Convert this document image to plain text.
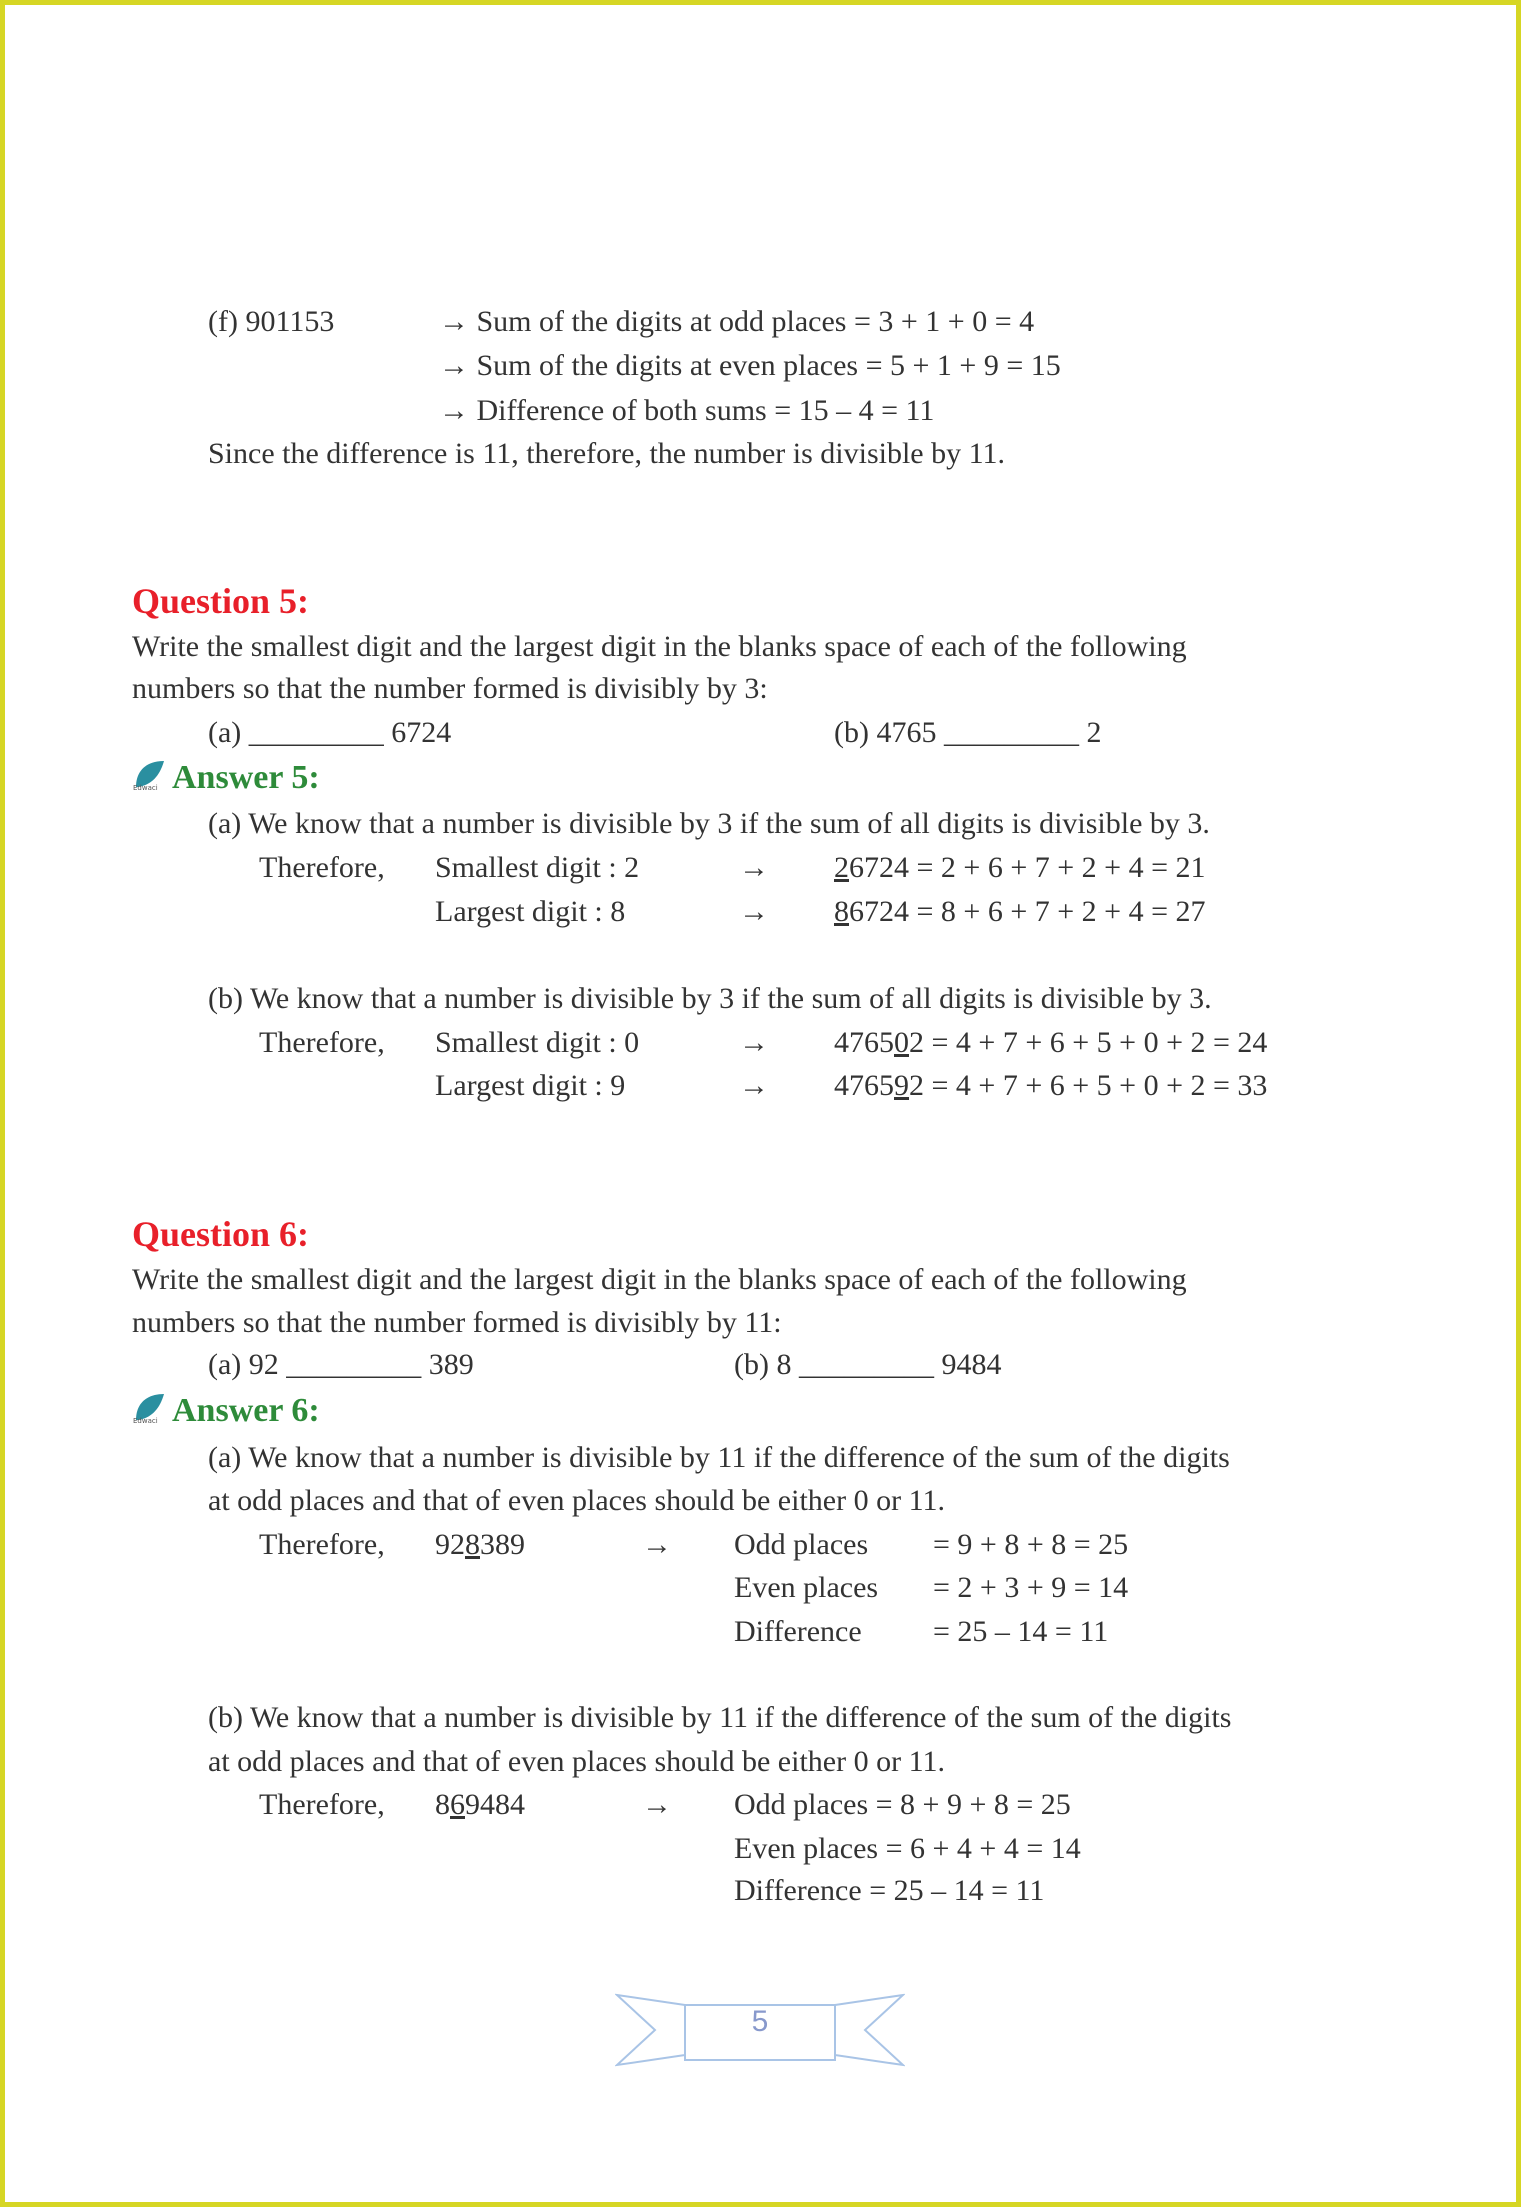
(f) 901153	→ Sum of the digits at odd places = 3 + 1 + 0 = 4
→ Sum of the digits at even places = 5 + 1 + 9 = 15
→ Difference of both sums = 15 – 4 = 11
Since the difference is 11, therefore, the number is divisible by 11.
Question 5:
Write the smallest digit and the largest digit in the blanks space of each of the following
numbers so that the number formed is divisibly by 3:
(a) _________ 6724	(b) 4765 _________ 2
Edwaci Answer 5:
(a) We know that a number is divisible by 3 if the sum of all digits is divisible by 3.
Therefore, Smallest digit : 2	→ 26724 = 2 + 6 + 7 + 2 + 4 = 21
Largest digit : 8	→ 86724 = 8 + 6 + 7 + 2 + 4 = 27
(b) We know that a number is divisible by 3 if the sum of all digits is divisible by 3.
Therefore, Smallest digit : 0	→ 476502 = 4 + 7 + 6 + 5 + 0 + 2 = 24
Largest digit : 9	→ 476592 = 4 + 7 + 6 + 5 + 0 + 2 = 33
Question 6:
Write the smallest digit and the largest digit in the blanks space of each of the following
numbers so that the number formed is divisibly by 11:
(a) 92 _________ 389	(b) 8 _________ 9484
Edwaci Answer 6:
(a) We know that a number is divisible by 11 if the difference of the sum of the digits
at odd places and that of even places should be either 0 or 11.
Therefore, 928389	→ Odd places = 9 + 8 + 8 = 25
Even places = 2 + 3 + 9 = 14
Difference = 25 – 14 = 11
(b) We know that a number is divisible by 11 if the difference of the sum of the digits
at odd places and that of even places should be either 0 or 11.
Therefore, 869484	→ Odd places = 8 + 9 + 8 = 25
Even places = 6 + 4 + 4 = 14
Difference = 25 – 14 = 11
5
